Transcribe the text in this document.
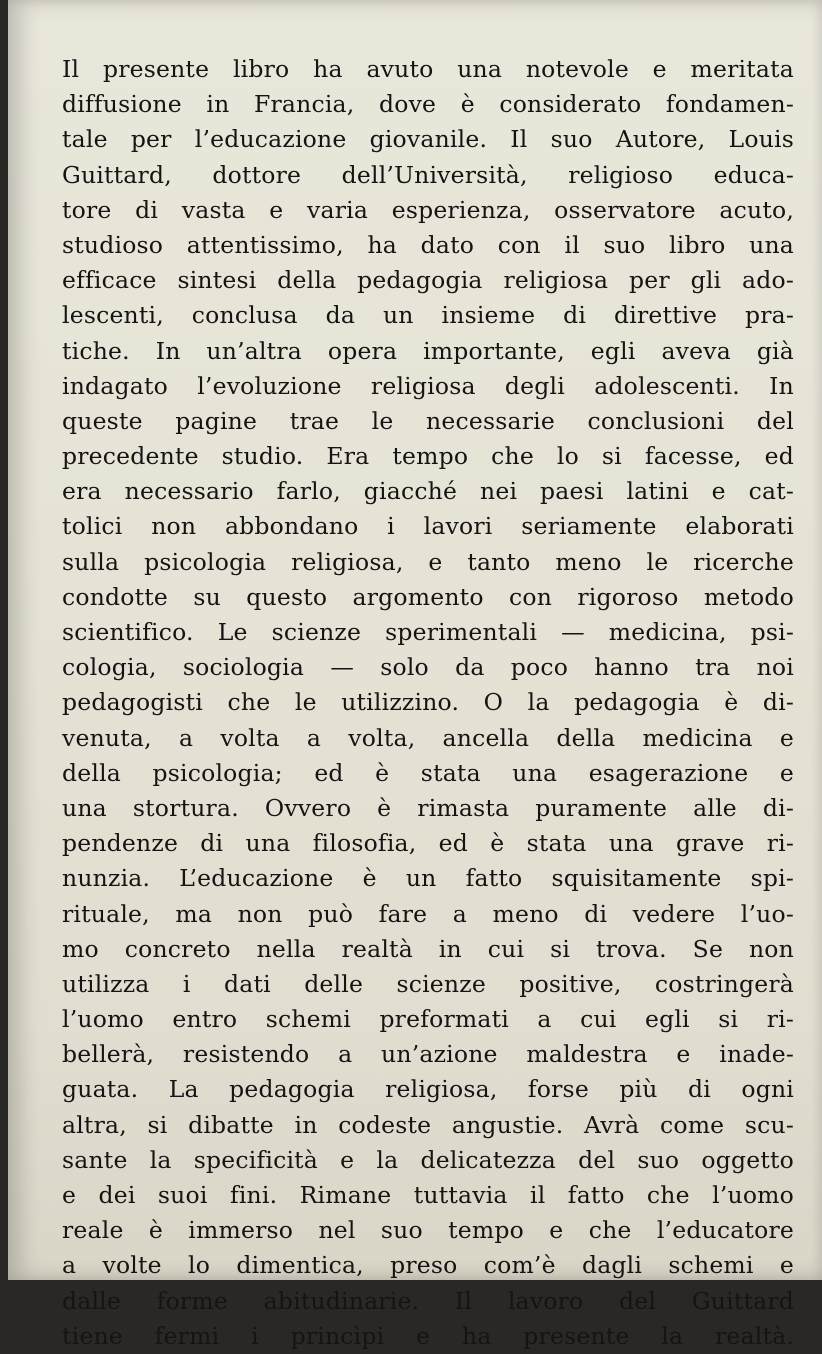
Il presente libro ha avuto una notevole e meritata
diffusione in Francia, dove è considerato fondamen-
tale per l’educazione giovanile. Il suo Autore, Louis
Guittard, dottore dell’Università, religioso educa-
tore di vasta e varia esperienza, osservatore acuto,
studioso attentissimo, ha dato con il suo libro una
efficace sintesi della pedagogia religiosa per gli ado-
lescenti, conclusa da un insieme di direttive pra-
tiche. In un’altra opera importante, egli aveva già
indagato l’evoluzione religiosa degli adolescenti. In
queste pagine trae le necessarie conclusioni del
precedente studio. Era tempo che lo si facesse, ed
era necessario farlo, giacché nei paesi latini e cat-
tolici non abbondano i lavori seriamente elaborati
sulla psicologia religiosa, e tanto meno le ricerche
condotte su questo argomento con rigoroso metodo
scientifico. Le scienze sperimentali — medicina, psi-
cologia, sociologia — solo da poco hanno tra noi
pedagogisti che le utilizzino. O la pedagogia è di-
venuta, a volta a volta, ancella della medicina e
della psicologia; ed è stata una esagerazione e
una stortura. Ovvero è rimasta puramente alle di-
pendenze di una filosofia, ed è stata una grave ri-
nunzia. L’educazione è un fatto squisitamente spi-
rituale, ma non può fare a meno di vedere l’uo-
mo concreto nella realtà in cui si trova. Se non
utilizza i dati delle scienze positive, costringerà
l’uomo entro schemi preformati a cui egli si ri-
bellerà, resistendo a un’azione maldestra e inade-
guata. La pedagogia religiosa, forse più di ogni
altra, si dibatte in codeste angustie. Avrà come scu-
sante la specificità e la delicatezza del suo oggetto
e dei suoi fini. Rimane tuttavia il fatto che l’uomo
reale è immerso nel suo tempo e che l’educatore
a volte lo dimentica, preso com’è dagli schemi e
dalle forme abitudinarie. Il lavoro del Guittard
tiene fermi i princìpi e ha presente la realtà.
